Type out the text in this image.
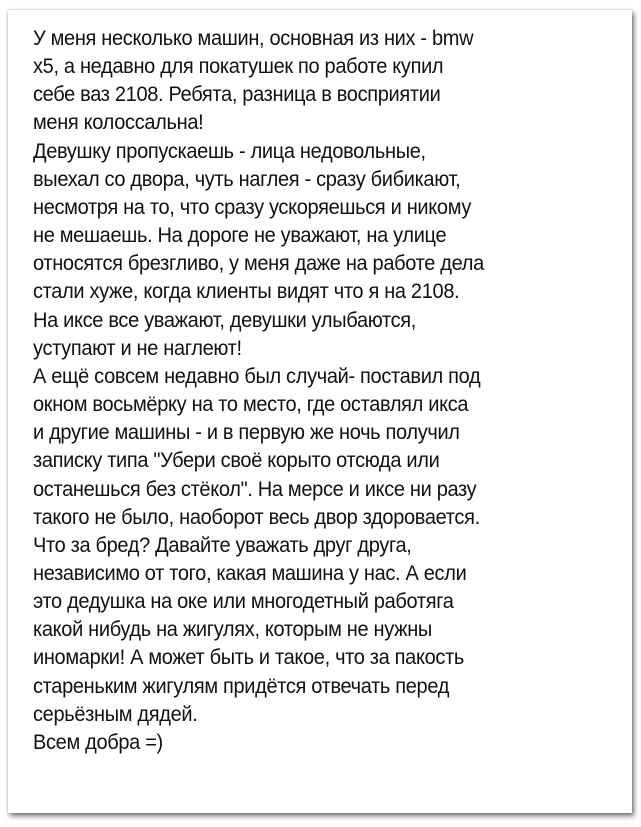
У меня несколько машин, основная из них - bmw
x5, а недавно для покатушек по работе купил
себе ваз 2108. Ребята, разница в восприятии
меня колоссальна!
Девушку пропускаешь - лица недовольные,
выехал со двора, чуть наглея - сразу бибикают,
несмотря на то, что сразу ускоряешься и никому
не мешаешь. На дороге не уважают, на улице
относятся брезгливо, у меня даже на работе дела
стали хуже, когда клиенты видят что я на 2108.
На иксе все уважают, девушки улыбаются,
уступают и не наглеют!
А ещё совсем недавно был случай- поставил под
окном восьмёрку на то место, где оставлял икса
и другие машины - и в первую же ночь получил
записку типа "Убери своё корыто отсюда или
останешься без стёкол". На мерсе и иксе ни разу
такого не было, наоборот весь двор здоровается.
Что за бред? Давайте уважать друг друга,
независимо от того, какая машина у нас. А если
это дедушка на оке или многодетный работяга
какой нибудь на жигулях, которым не нужны
иномарки! А может быть и такое, что за пакость
стареньким жигулям придётся отвечать перед
серьёзным дядей.
Всем добра =)
